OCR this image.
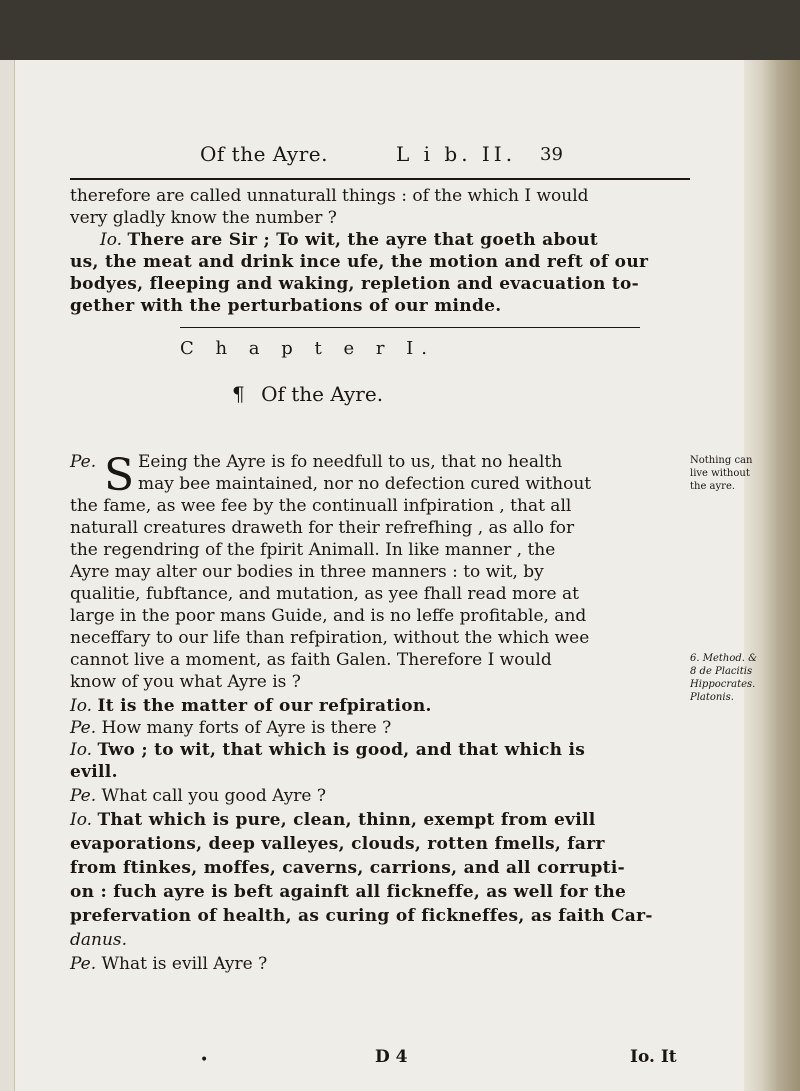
Of the Ayre.	L i b. II. 39
therefore are called unnaturall things : of the which I would
very gladly know the number ?
Io. There are Sir ; To wit, the ayre that goeth about
us, the meat and drink ince ufe, the motion and reft of our
bodyes, fleeping and waking, repletion and evacuation to-
gether with the perturbations of our minde.
C h a p t e r I.
¶ Of the Ayre.
Pe. S Eeing the Ayre is fo needfull to us, that no health
may bee maintained, nor no defection cured without
the fame, as wee fee by the continuall infpiration , that all
naturall creatures draweth for their refrefhing , as allo for
the regendring of the fpirit Animall. In like manner , the
Ayre may alter our bodies in three manners : to wit, by
qualitie, fubftance, and mutation, as yee fhall read more at
large in the poor mans Guide, and is no leffe profitable, and
neceffary to our life than refpiration, without the which wee
cannot live a moment, as faith Galen. Therefore I would
know of you what Ayre is ?
Io. It is the matter of our refpiration.
Pe. How many forts of Ayre is there ?
Io. Two ; to wit, that which is good, and that which is
evill.
Pe. What call you good Ayre ?
Io. That which is pure, clean, thinn, exempt from evill
evaporations, deep valleyes, clouds, rotten fmells, farr
from ftinkes, moffes, caverns, carrions, and all corrupti-
on : fuch ayre is beft againft all fickneffe, as well for the
prefervation of health, as curing of fickneffes, as faith Car-
danus.
Pe. What is evill Ayre ?
Nothing can
live without
the ayre.
6. Method. &
8 de Placitis
Hippocrates.
Platonis.
•	D 4	Io. It
